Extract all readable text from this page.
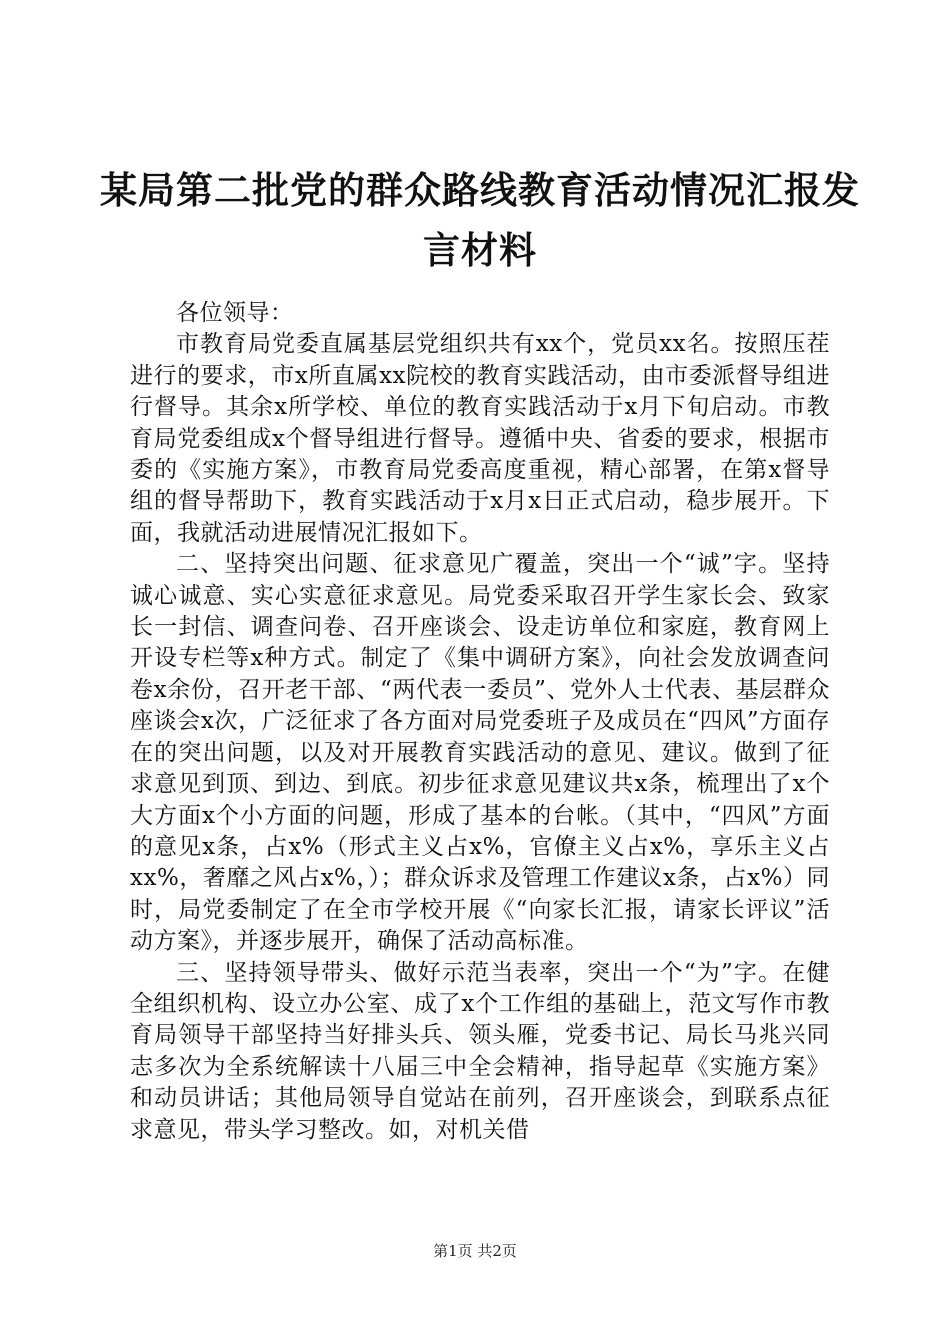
某局第二批党的群众路线教育活动情况汇报发
言材料

各位领导：

市教育局党委直属基层党组织共有xx个，党员xx名。按照压茬进行的要求，市x所直属xx院校的教育实践活动，由市委派督导组进行督导。其余x所学校、单位的教育实践活动于x月下旬启动。市教育局党委组成x个督导组进行督导。遵循中央、省委的要求，根据市委的《实施方案》，市教育局党委高度重视，精心部署，在第x督导组的督导帮助下，教育实践活动于x月x日正式启动，稳步展开。下面，我就活动进展情况汇报如下。

二、坚持突出问题、征求意见广覆盖，突出一个“诚”字。坚持诚心诚意、实心实意征求意见。局党委采取召开学生家长会、致家长一封信、调查问卷、召开座谈会、设走访单位和家庭，教育网上开设专栏等x种方式。制定了《集中调研方案》，向社会发放调查问卷x余份，召开老干部、“两代表一委员”、党外人士代表、基层群众座谈会x次，广泛征求了各方面对局党委班子及成员在“四风”方面存在的突出问题，以及对开展教育实践活动的意见、建议。做到了征求意见到顶、到边、到底。初步征求意见建议共x条，梳理出了x个大方面x个小方面的问题，形成了基本的台帐。（其中，“四风”方面的意见x条，占x%（形式主义占x%，官僚主义占x%，享乐主义占xx%，奢靡之风占x%，）；群众诉求及管理工作建议x条，占x%）同时，局党委制定了在全市学校开展《“向家长汇报，请家长评议”活动方案》，并逐步展开，确保了活动高标准。

三、坚持领导带头、做好示范当表率，突出一个“为”字。在健全组织机构、设立办公室、成了x个工作组的基础上，范文写作市教育局领导干部坚持当好排头兵、领头雁，党委书记、局长马兆兴同志多次为全系统解读十八届三中全会精神，指导起草《实施方案》和动员讲话；其他局领导自觉站在前列，召开座谈会，到联系点征求意见，带头学习整改。如，对机关借

第1页 共2页
